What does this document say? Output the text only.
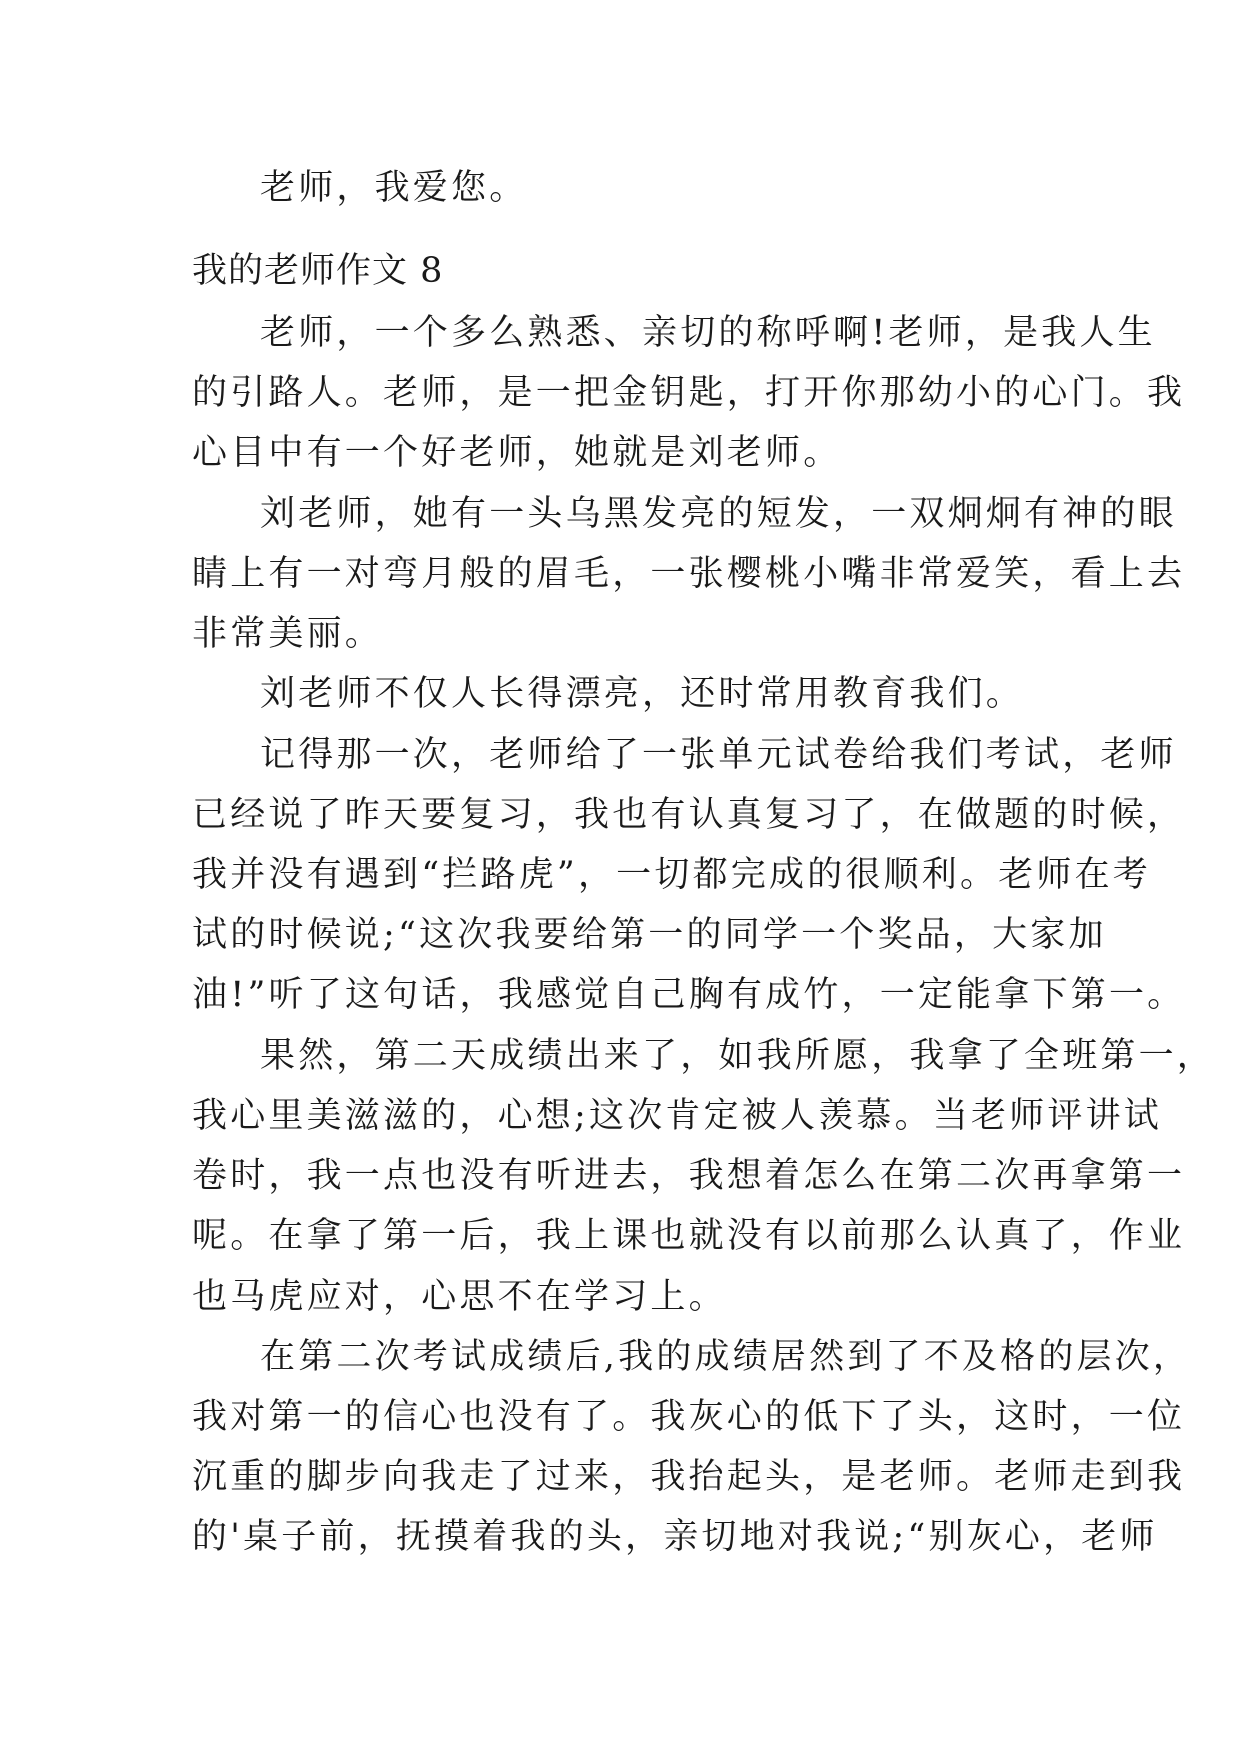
老师，我爱您。
我的老师作文 8
老师，一个多么熟悉、亲切的称呼啊!老师，是我人生
的引路人。老师，是一把金钥匙，打开你那幼小的心门。我
心目中有一个好老师，她就是刘老师。
刘老师，她有一头乌黑发亮的短发，一双炯炯有神的眼
睛上有一对弯月般的眉毛，一张樱桃小嘴非常爱笑，看上去
非常美丽。
刘老师不仅人长得漂亮，还时常用教育我们。
记得那一次，老师给了一张单元试卷给我们考试，老师
已经说了昨天要复习，我也有认真复习了，在做题的时候，
我并没有遇到“拦路虎”，一切都完成的很顺利。老师在考
试的时候说;“这次我要给第一的同学一个奖品，大家加
油!”听了这句话，我感觉自己胸有成竹，一定能拿下第一。
果然，第二天成绩出来了，如我所愿，我拿了全班第一，
我心里美滋滋的，心想;这次肯定被人羡慕。当老师评讲试
卷时，我一点也没有听进去，我想着怎么在第二次再拿第一
呢。在拿了第一后，我上课也就没有以前那么认真了，作业
也马虎应对，心思不在学习上。
在第二次考试成绩后,我的成绩居然到了不及格的层次，
我对第一的信心也没有了。我灰心的低下了头，这时，一位
沉重的脚步向我走了过来，我抬起头，是老师。老师走到我
的'桌子前，抚摸着我的头，亲切地对我说;“别灰心，老师
